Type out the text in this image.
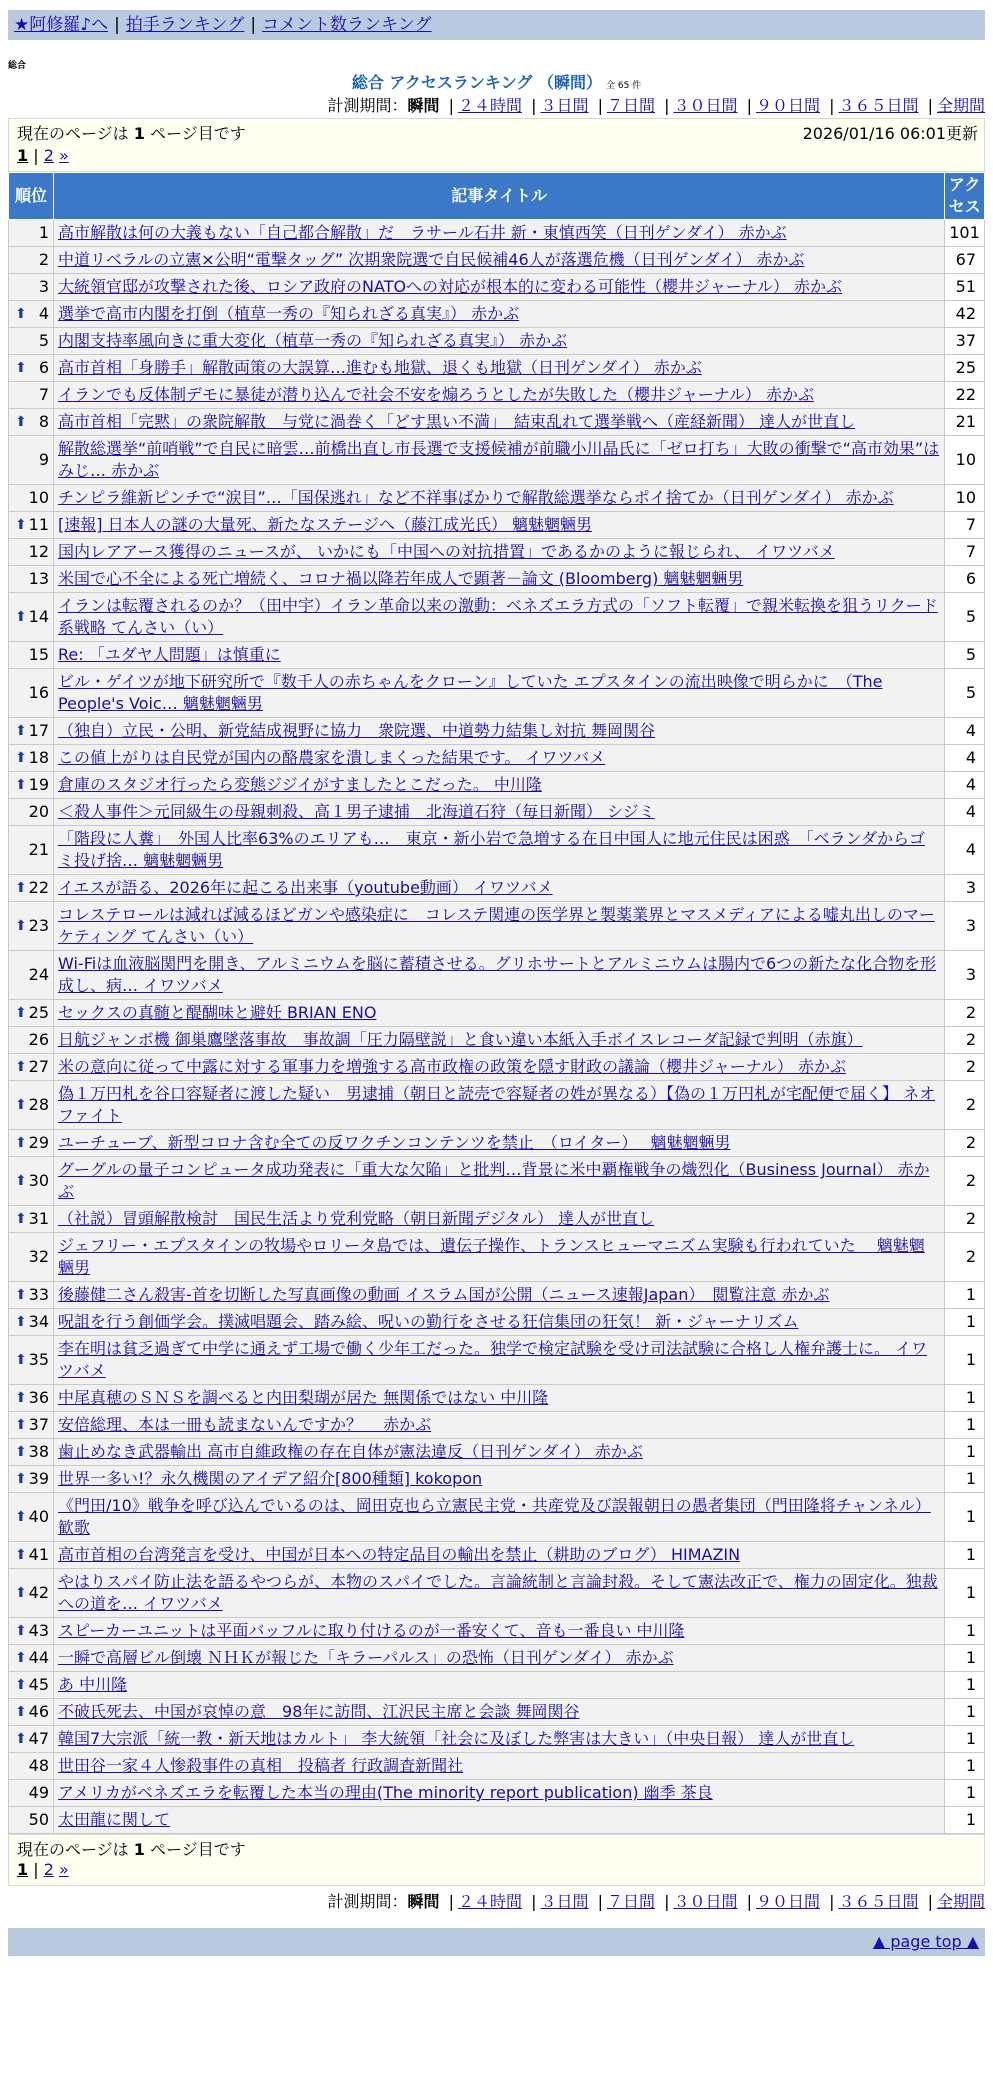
★阿修羅♪へ | 拍手ランキング | コメント数ランキング
総合
総合 アクセスランキング （瞬間） 全 65 件
計測期間：瞬間 | ２４時間 | ３日間 | ７日間 | ３０日間 | ９０日間 | ３６５日間 | 全期間
現在のページは 1 ページ目です	2026/01/16 06:01更新
1 | 2 »
順位	記事タイトル	アクセス
1	高市解散は何の大義もない「自己都合解散」だ　ラサール石井 新・東慎西笑（日刊ゲンダイ） 赤かぶ	101
2	中道リベラルの立憲×公明“電撃タッグ” 次期衆院選で自民候補46人が落選危機（日刊ゲンダイ） 赤かぶ	67
3	大統領官邸が攻撃された後、ロシア政府のNATOへの対応が根本的に変わる可能性（櫻井ジャーナル） 赤かぶ	51

⬆ 4	選挙で高市内閣を打倒（植草一秀の『知られざる真実』） 赤かぶ	42
5	内閣支持率風向きに重大変化（植草一秀の『知られざる真実』） 赤かぶ	37

⬆ 6	高市首相「身勝手」解散両策の大誤算…進むも地獄、退くも地獄（日刊ゲンダイ） 赤かぶ	25
7	イランでも反体制デモに暴徒が潜り込んで社会不安を煽ろうとしたが失敗した（櫻井ジャーナル） 赤かぶ	22

⬆ 8	高市首相「完黙」の衆院解散　与党に渦巻く「どす黒い不満」　結束乱れて選挙戦へ（産経新聞） 達人が世直し	21
9	解散総選挙“前哨戦”で自民に暗雲…前橋出直し市長選で支援候補が前職小川晶氏に「ゼロ打ち」大敗の衝撃で“高市効果”はみじ… 赤かぶ	10
10	チンピラ維新ピンチで“涙目”…「国保逃れ」など不祥事ばかりで解散総選挙ならポイ捨てか（日刊ゲンダイ） 赤かぶ	10

⬆ 11	[速報] 日本人の謎の大量死、新たなステージへ（藤江成光氏） 魑魅魍魎男	7
12	国内レアアース獲得のニュースが、 いかにも「中国への対抗措置」であるかのように報じられ、 イワツバメ	7
13	米国で心不全による死亡増続く、コロナ禍以降若年成人で顕著－論文 (Bloomberg) 魑魅魍魎男	6

⬆ 14	イランは転覆されるのか？（田中宇）イラン革命以来の激動：ベネズエラ方式の「ソフト転覆」で親米転換を狙うリクード系戦略 てんさい（い）	5
15	Re: 「ユダヤ人問題」は慎重に	5
16	ビル・ゲイツが地下研究所で『数千人の赤ちゃんをクローン』していた エプスタインの流出映像で明らかに　（The People's Voic… 魑魅魍魎男	5

⬆ 17	（独自）立民・公明、新党結成視野に協力　衆院選、中道勢力結集し対抗 舞岡関谷	4

⬆ 18	この値上がりは自民党が国内の酪農家を潰しまくった結果です。 イワツバメ	4

⬆ 19	倉庫のスタジオ行ったら変態ジジイがすましたとこだった。 中川隆	4
20	＜殺人事件＞元同級生の母親刺殺、高１男子逮捕　北海道石狩（毎日新聞） シジミ	4
21	「階段に人糞」　外国人比率63%のエリアも…　東京・新小岩で急増する在日中国人に地元住民は困惑　「ベランダからゴミ投げ捨… 魑魅魍魎男	4

⬆ 22	イエスが語る、2026年に起こる出来事（youtube動画） イワツバメ	3

⬆ 23	コレステロールは減れば減るほどガンや感染症に　コレステ関連の医学界と製薬業界とマスメディアによる嘘丸出しのマーケティング てんさい（い）	3
24	Wi-Fiは血液脳関門を開き、アルミニウムを脳に蓄積させる。グリホサートとアルミニウムは腸内で6つの新たな化合物を形成し、病… イワツバメ	3

⬆ 25	セックスの真髄と醍醐味と避妊 BRIAN ENO	2
26	日航ジャンボ機 御巣鷹墜落事故　事故調「圧力隔壁説」と食い違い本紙入手ボイスレコーダ記録で判明（赤旗）	2

⬆ 27	米の意向に従って中露に対する軍事力を増強する高市政権の政策を隠す財政の議論（櫻井ジャーナル） 赤かぶ	2

⬆ 28	偽１万円札を谷口容疑者に渡した疑い　男逮捕（朝日と読売で容疑者の姓が異なる）【偽の１万円札が宅配便で届く】 ネオファイト	2

⬆ 29	ユーチューブ、新型コロナ含む全ての反ワクチンコンテンツを禁止　（ロイター）　 魑魅魍魎男	2

⬆ 30	グーグルの量子コンピュータ成功発表に「重大な欠陥」と批判…背景に米中覇権戦争の熾烈化（Business Journal） 赤かぶ	2

⬆ 31	（社説）冒頭解散検討　国民生活より党利党略（朝日新聞デジタル） 達人が世直し	2
32	ジェフリー・エプスタインの牧場やロリータ島では、遺伝子操作、トランスヒューマニズム実験も行われていた　 魑魅魍魎男	2

⬆ 33	後藤健二さん殺害-首を切断した写真画像の動画 イスラム国が公開（ニュース速報Japan）　閲覧注意 赤かぶ	1

⬆ 34	呪詛を行う創価学会。撲滅唱題会、踏み絵、呪いの勤行をさせる狂信集団の狂気！ 新・ジャーナリズム	1

⬆ 35	李在明は貧乏過ぎて中学に通えず工場で働く少年工だった。独学で検定試験を受け司法試験に合格し人権弁護士に。 イワツバメ	1

⬆ 36	中尾真穂のＳＮＳを調べると内田梨瑚が居た 無関係ではない 中川隆	1

⬆ 37	安倍総理、本は一冊も読まないんですか？　 赤かぶ	1

⬆ 38	歯止めなき武器輸出 高市自維政権の存在自体が憲法違反（日刊ゲンダイ） 赤かぶ	1

⬆ 39	世界一多い!？永久機関のアイデア紹介[800種類] kokopon	1

⬆ 40	《門田/10》戦争を呼び込んでいるのは、岡田克也ら立憲民主党・共産党及び誤報朝日の愚者集団（門田隆将チャンネル） 歓歌	1

⬆ 41	高市首相の台湾発言を受け、中国が日本への特定品目の輸出を禁止（耕助のブログ） HIMAZIN	1

⬆ 42	やはりスパイ防止法を語るやつらが、本物のスパイでした。言論統制と言論封殺。そして憲法改正で、権力の固定化。独裁への道を… イワツバメ	1

⬆ 43	スピーカーユニットは平面バッフルに取り付けるのが一番安くて、音も一番良い 中川隆	1

⬆ 44	一瞬で高層ビル倒壊 ＮＨＫが報じた「キラーパルス」の恐怖（日刊ゲンダイ） 赤かぶ	1

⬆ 45	あ 中川隆	1

⬆ 46	不破氏死去、中国が哀悼の意　98年に訪問、江沢民主席と会談 舞岡関谷	1

⬆ 47	韓国7大宗派「統一教・新天地はカルト」 李大統領「社会に及ぼした弊害は大きい」（中央日報） 達人が世直し	1
48	世田谷一家４人惨殺事件の真相　投稿者 行政調査新聞社	1
49	アメリカがベネズエラを転覆した本当の理由(The minority report publication) 幽季 茶良	1
50	太田龍に関して	1
現在のページは 1 ページ目です
1 | 2 »
計測期間：瞬間 | ２４時間 | ３日間 | ７日間 | ３０日間 | ９０日間 | ３６５日間 | 全期間
▲ page top ▲
